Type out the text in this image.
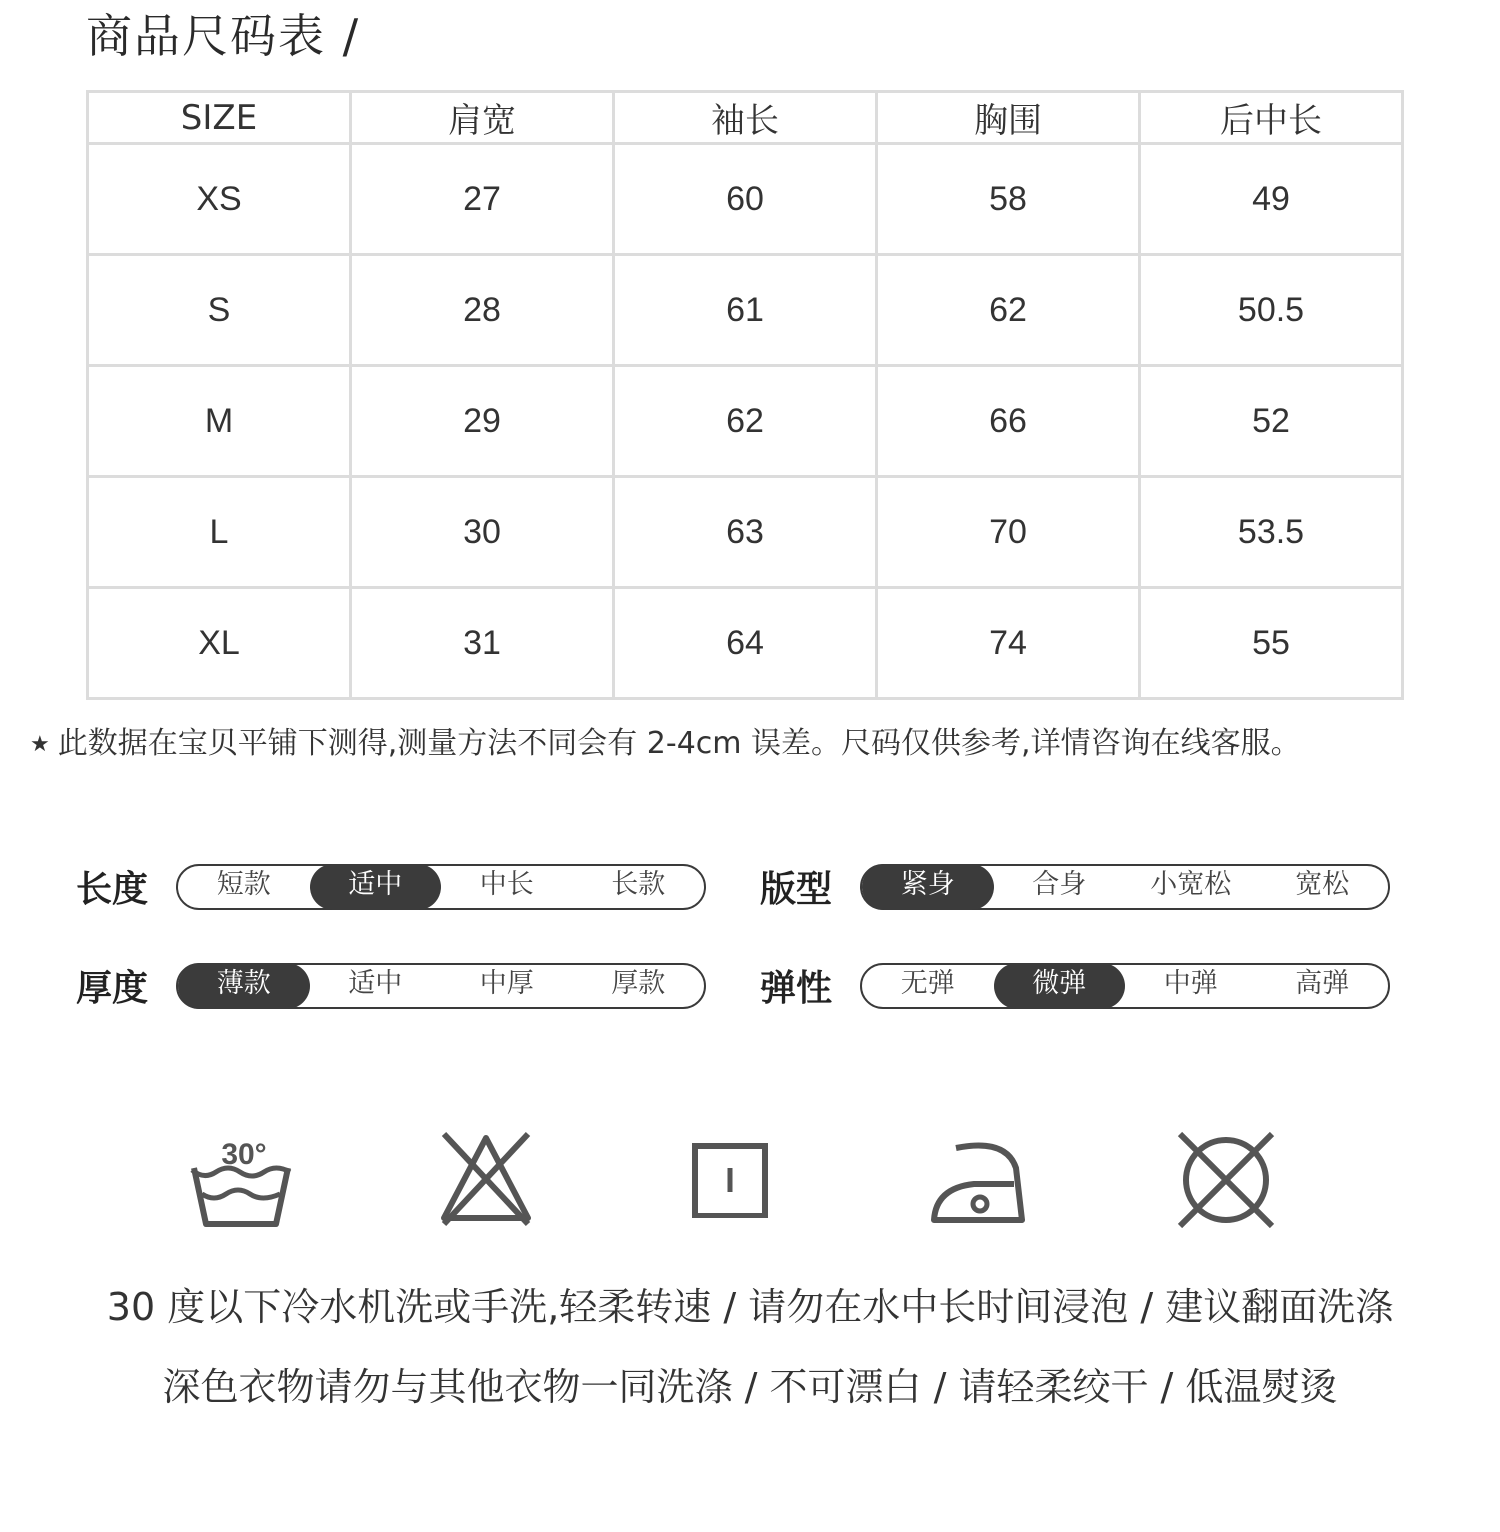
商品尺码表 /
SIZE	肩宽	袖长	胸围	后中长
XS	27	60	58	49
S	28	61	62	50.5
M	29	62	66	52
L	30	63	70	53.5
XL	31	64	74	55
★ 此数据在宝贝平铺下测得,测量方法不同会有 2-4cm 误差。尺码仅供参考,详情咨询在线客服。
长度	短款	适中	中长	长款	版型	紧身	合身	小宽松	宽松
厚度	薄款	适中	中厚	厚款	弹性	无弹	微弹	中弹	高弹
30°
30 度以下冷水机洗或手洗,轻柔转速 / 请勿在水中长时间浸泡 / 建议翻面洗涤
深色衣物请勿与其他衣物一同洗涤 / 不可漂白 / 请轻柔绞干 / 低温熨烫
